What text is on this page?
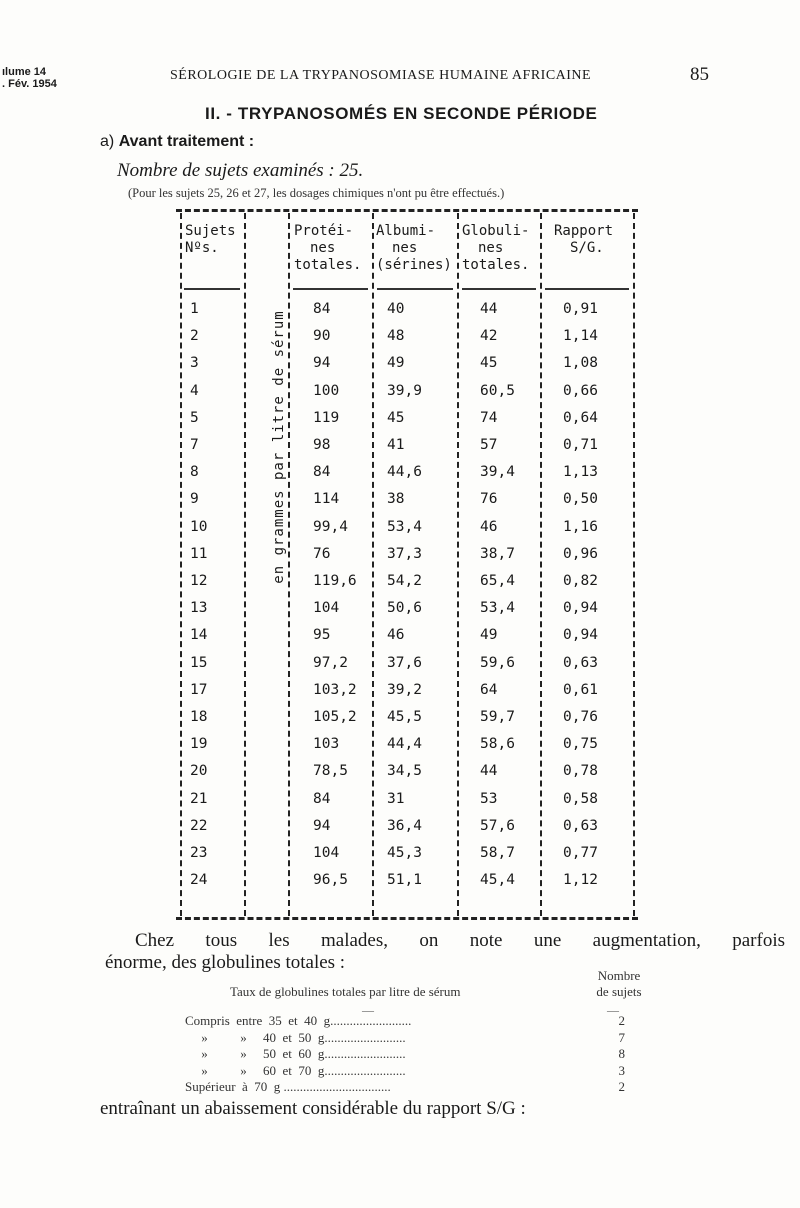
ılume 14
. Fév. 1954
SÉROLOGIE DE LA TRYPANOSOMIASE HUMAINE AFRICAINE	85
II. - TRYPANOSOMÉS EN SECONDE PÉRIODE
a) Avant traitement :
Nombre de sujets examinés : 25.
(Pour les sujets 25, 26 et 27, les dosages chimiques n'ont pu être effectués.)
Sujets
Nºs.
Protéi-
nes
totales.
Albumi-
nes
(sérines)
Globuli-
nes
totales.
Rapport
S/G.
en grammes par litre de sérum
1	84	40	44	0,91
2	90	48	42	1,14
3	94	49	45	1,08
4	100	39,9	60,5	0,66
5	119	45	74	0,64
7	98	41	57	0,71
8	84	44,6	39,4	1,13
9	114	38	76	0,50
10	99,4	53,4	46	1,16
11	76	37,3	38,7	0,96
12	119,6 54,2	65,4	0,82
13	104	50,6	53,4	0,94
14	95	46	49	0,94
15	97,2	37,6	59,6	0,63
17	103,2 39,2	64	0,61
18	105,2 45,5	59,7	0,76
19	103	44,4	58,6	0,75
20	78,5	34,5	44	0,78
21	84	31	53	0,58
22	94	36,4	57,6	0,63
23	104	45,3	58,7	0,77
24	96,5	51,1	45,4	1,12
Chez tous les malades, on note une augmentation, parfois
énorme, des globulines totales :
Nombre
de sujets
Taux de globulines totales par litre de sérum
—	—
Compris  entre  35  et  40  g.........................	2
»          »     40  et  50  g.........................	7
»          »     50  et  60  g.........................	8
»          »     60  et  70  g.........................	3
Supérieur  à  70  g .................................	2
entraînant un abaissement considérable du rapport S/G :
